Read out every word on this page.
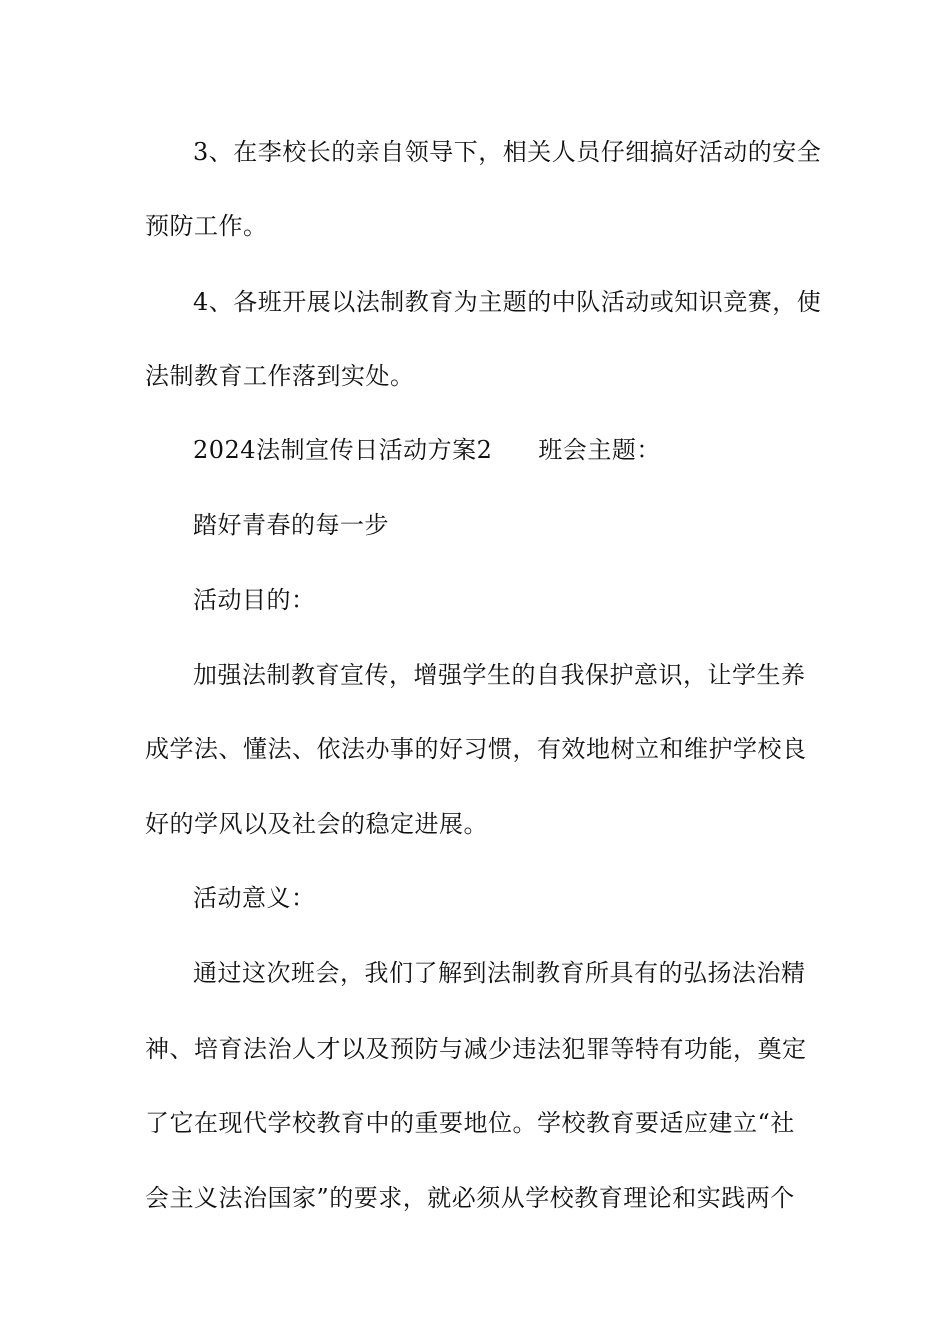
3、在李校长的亲自领导下，相关人员仔细搞好活动的安全
预防工作。
4、各班开展以法制教育为主题的中队活动或知识竞赛，使
法制教育工作落到实处。
2024法制宣传日活动方案2 班会主题：
踏好青春的每一步
活动目的：
加强法制教育宣传，增强学生的自我保护意识，让学生养
成学法、懂法、依法办事的好习惯，有效地树立和维护学校良
好的学风以及社会的稳定进展。
活动意义：
通过这次班会，我们了解到法制教育所具有的弘扬法治精
神、培育法治人才以及预防与减少违法犯罪等特有功能，奠定
了它在现代学校教育中的重要地位。学校教育要适应建立“社
会主义法治国家”的要求，就必须从学校教育理论和实践两个
